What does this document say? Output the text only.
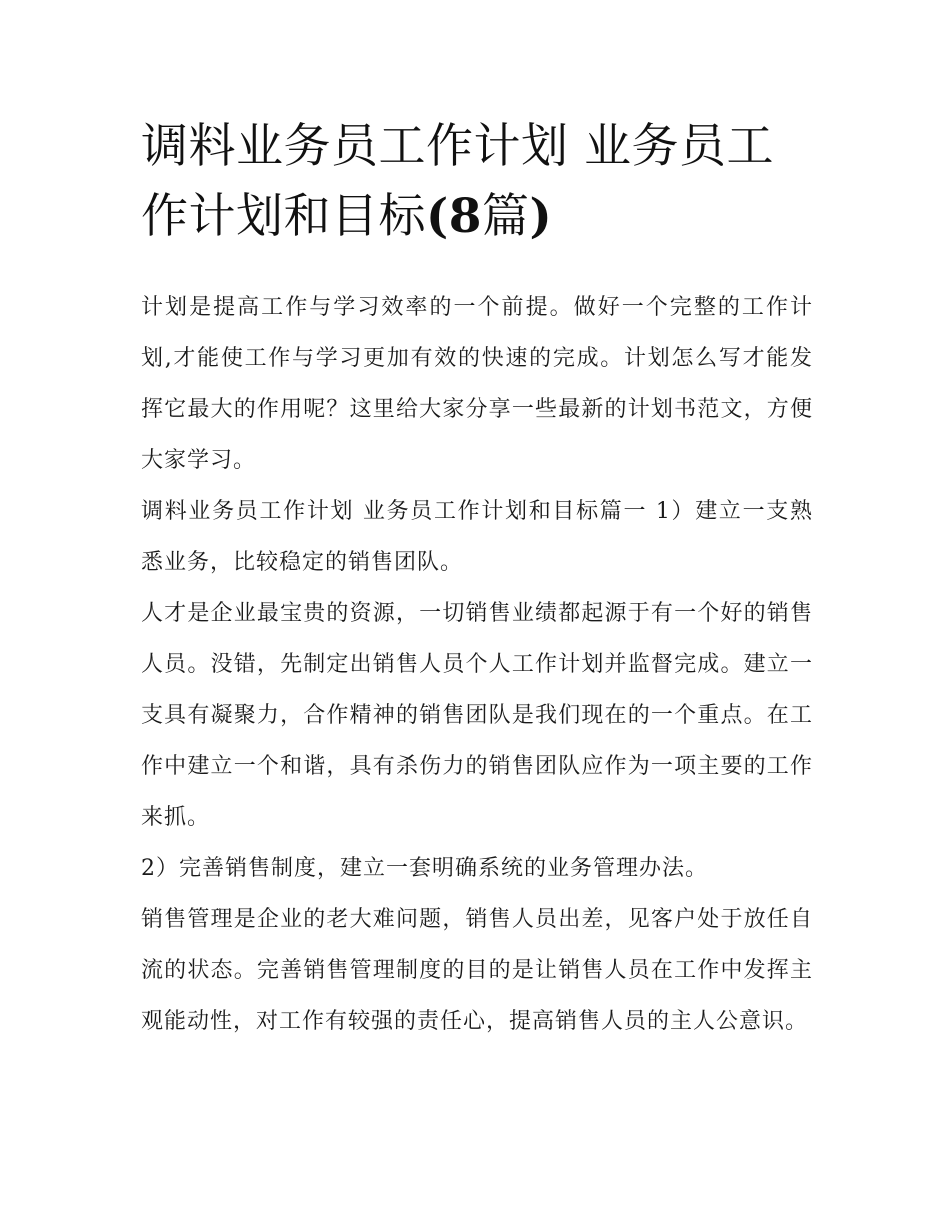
调料业务员工作计划 业务员工
作计划和目标(8篇)

计划是提高工作与学习效率的一个前提。做好一个完整的工作计划,才能使工作与学习更加有效的快速的完成。计划怎么写才能发挥它最大的作用呢？这里给大家分享一些最新的计划书范文，方便大家学习。

调料业务员工作计划 业务员工作计划和目标篇一 1）建立一支熟悉业务，比较稳定的销售团队。

人才是企业最宝贵的资源，一切销售业绩都起源于有一个好的销售人员。没错，先制定出销售人员个人工作计划并监督完成。建立一支具有凝聚力，合作精神的销售团队是我们现在的一个重点。在工作中建立一个和谐，具有杀伤力的销售团队应作为一项主要的工作来抓。

2）完善销售制度，建立一套明确系统的业务管理办法。

销售管理是企业的老大难问题，销售人员出差，见客户处于放任自流的状态。完善销售管理制度的目的是让销售人员在工作中发挥主观能动性，对工作有较强的责任心，提高销售人员的主人公意识。
